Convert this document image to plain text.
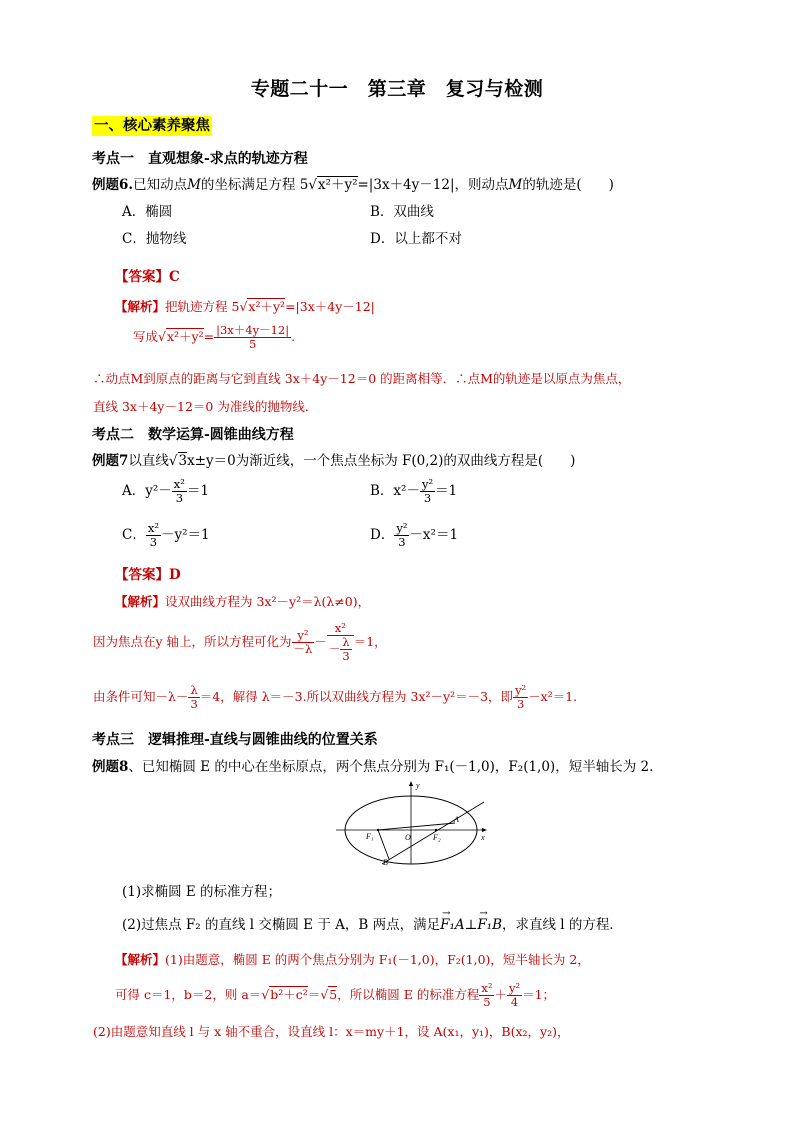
专题二十一　第三章　复习与检测
一、核心素养聚焦
考点一　直观想象-求点的轨迹方程
例题6.已知动点M的坐标满足方程 5√x²＋y²=|3x＋4y－12|，则动点M的轨迹是(　　)
A．椭圆	B．双曲线
C．抛物线	D．以上都不对
【答案】C
【解析】把轨迹方程 5√x²＋y²=|3x＋4y－12|
写成$√x^2+y^2= \frac{|3x+4y-12|}{5}$ .
∴动点M到原点的距离与它到直线 3x＋4y－12＝0 的距离相等．∴点M的轨迹是以原点为焦点，
直线 3x＋4y－12＝0 为准线的抛物线．
考点二　数学运算-圆锥曲线方程
例题7以直线√3x±y＝0为渐近线，一个焦点坐标为 F(0,2)的双曲线方程是(　　)
A．$y^2- \frac{\text{x²}}{3} =1$	B．$x^2- \frac{\text{y²}}{3} =1$
C． $\frac{\text{x²}}{3} -y^2=1$	D． $\frac{\text{y²}}{3} -x^2=1$
【答案】D
【解析】设双曲线方程为 3x²－y²＝λ(λ≠0)，
因为焦点在y 轴上，所以方程可化为 $\frac{\text{y²}}{-\lambda} - \frac{\text{x²}}{- \frac{\lambda}{3}} =1$，
由条件可知$-\lambda- \frac{\lambda}{3} =4$，解得 λ＝－3.所以双曲线方程为 3x²－y²＝－3，即 $\frac{\text{y²}}{3} -x^2=1$.
考点三　逻辑推理-直线与圆锥曲线的位置关系
例题8、已知椭圆 E 的中心在坐标原点，两个焦点分别为 F₁(－1,0)，F₂(1,0)，短半轴长为 2.
y
x
O
F₁	F₂
A
B
(1)求椭圆 E 的标准方程；
(2)过焦点 F₂ 的直线 l 交椭圆 E 于 A，B 两点，满足
→
F₁A⊥
→
F₁B，求直线 l 的方程．
【解析】(1)由题意，椭圆 E 的两个焦点分别为 F₁(－1,0)，F₂(1,0)，短半轴长为 2，
可得 c＝1，b＝2，则 a＝√b²＋c²＝√5，所以椭圆 E 的标准方程 $\frac{\text{x²}}{5} + \frac{\text{y²}}{4} =1$；
(2)由题意知直线 l 与 x 轴不重合，设直线 l：x＝my＋1，设 A(x₁，y₁)，B(x₂，y₂)，
